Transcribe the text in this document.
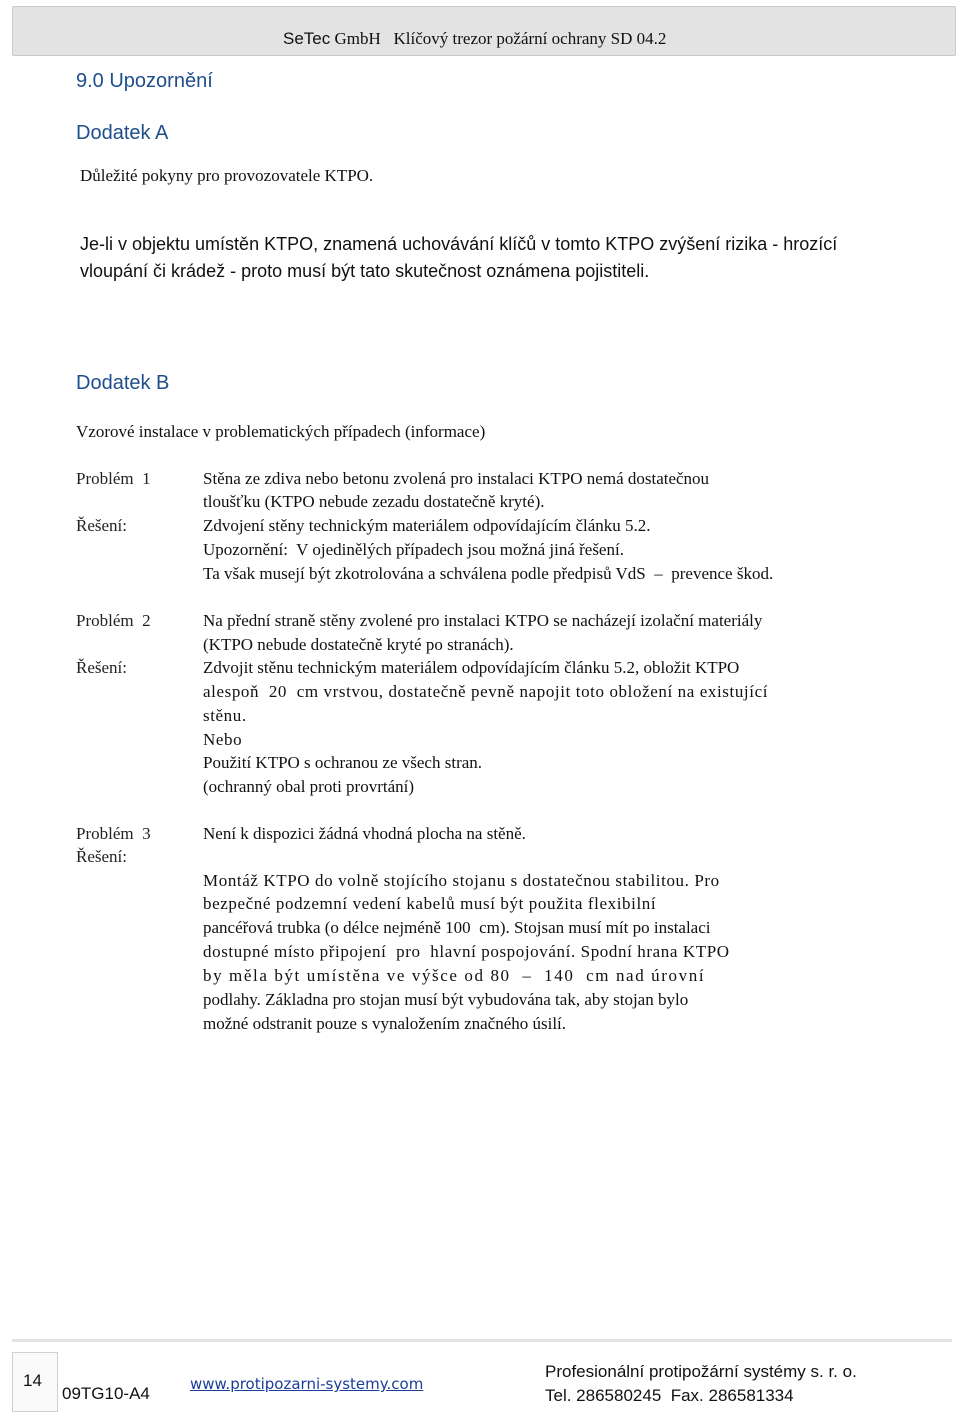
SeTec GmbH   Klíčový trezor požární ochrany SD 04.2
9.0 Upozornění
Dodatek A
Důležité pokyny pro provozovatele KTPO.
Je-li v objektu umístěn KTPO, znamená uchovávání klíčů v tomto KTPO zvýšení rizika - hrozící
vloupání či krádež - proto musí být tato skutečnost oznámena pojistiteli.
Dodatek B
Vzorové instalace v problematických případech (informace)
Problém  1
Řešení:
Stěna ze zdiva nebo betonu zvolená pro instalaci KTPO nemá dostatečnou
tloušťku (KTPO nebude zezadu dostatečně kryté).
Zdvojení stěny technickým materiálem odpovídajícím článku 5.2.
Upozornění:  V ojedinělých případech jsou možná jiná řešení.
Ta však musejí být zkotrolována a schválena podle předpisů VdS  –  prevence škod.
Problém  2
Řešení:
Na přední straně stěny zvolené pro instalaci KTPO se nacházejí izolační materiály
(KTPO nebude dostatečně kryté po stranách).
Zdvojit stěnu technickým materiálem odpovídajícím článku 5.2, obložit KTPO
alespoň  20  cm vrstvou, dostatečně pevně napojit toto obložení na existující
stěnu.
Nebo
Použití KTPO s ochranou ze všech stran.
(ochranný obal proti provrtání)
Problém  3
Řešení:
Není k dispozici žádná vhodná plocha na stěně.
Montáž KTPO do volně stojícího stojanu s dostatečnou stabilitou. Pro
bezpečné podzemní vedení kabelů musí být použita flexibilní
pancéřová trubka (o délce nejméně 100  cm). Stojsan musí mít po instalaci
dostupné místo připojení  pro  hlavní pospojování. Spodní hrana KTPO
by měla být umístěna ve výšce od 80  –  140  cm nad úrovní
podlahy. Základna pro stojan musí být vybudována tak, aby stojan bylo
možné odstranit pouze s vynaložením značného úsilí.
14
09TG10-A4	www.protipozarni-systemy.com
Profesionální protipožární systémy s. r. o.
Tel. 286580245  Fax. 286581334
